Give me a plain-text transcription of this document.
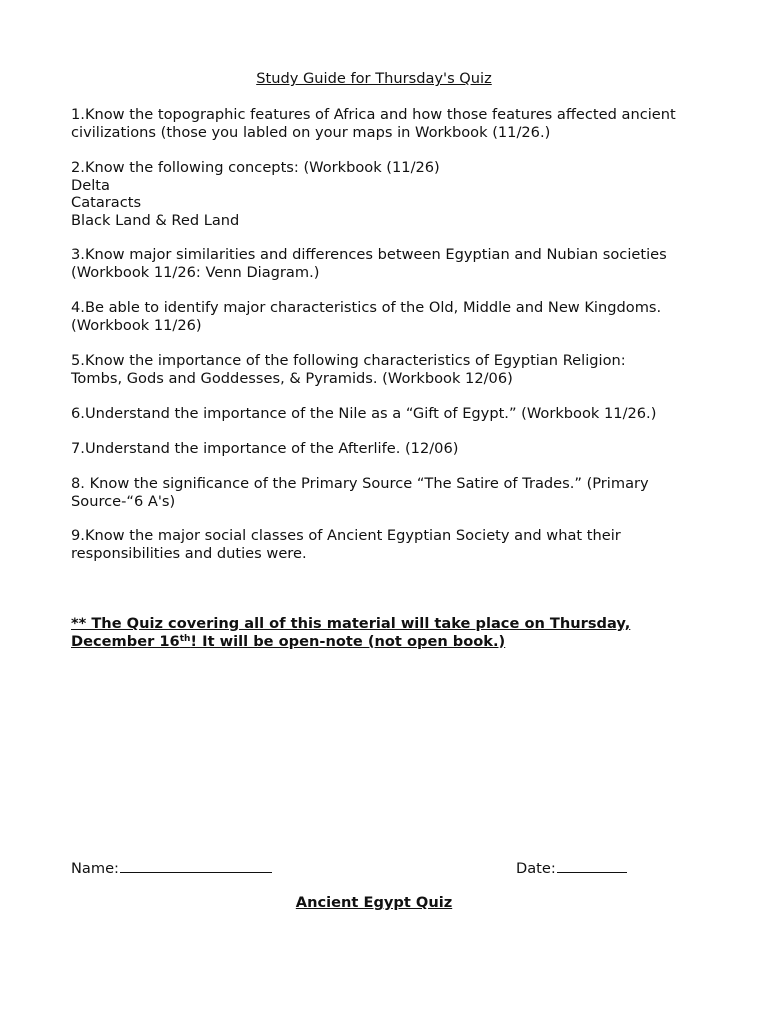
Study Guide for Thursday's Quiz

1.Know the topographic features of Africa and how those features affected ancient

civilizations (those you labled on your maps in Workbook (11/26.)

2.Know the following concepts: (Workbook (11/26)

Delta

Cataracts

Black Land & Red Land

3.Know major similarities and differences between Egyptian and Nubian societies

(Workbook 11/26: Venn Diagram.)

4.Be able to identify major characteristics of the Old, Middle and New Kingdoms.

(Workbook 11/26)

5.Know the importance of the following characteristics of Egyptian Religion:

Tombs, Gods and Goddesses, & Pyramids. (Workbook 12/06)

6.Understand the importance of the Nile as a “Gift of Egypt.” (Workbook 11/26.)

7.Understand the importance of the Afterlife. (12/06)

8. Know the significance of the Primary Source “The Satire of Trades.” (Primary

Source-“6 A's)

9.Know the major social classes of Ancient Egyptian Society and what their

responsibilities and duties were.

** The Quiz covering all of this material will take place on Thursday,
December 16th! It will be open-note (not open book.)
Name:	Date:

Ancient Egypt Quiz
